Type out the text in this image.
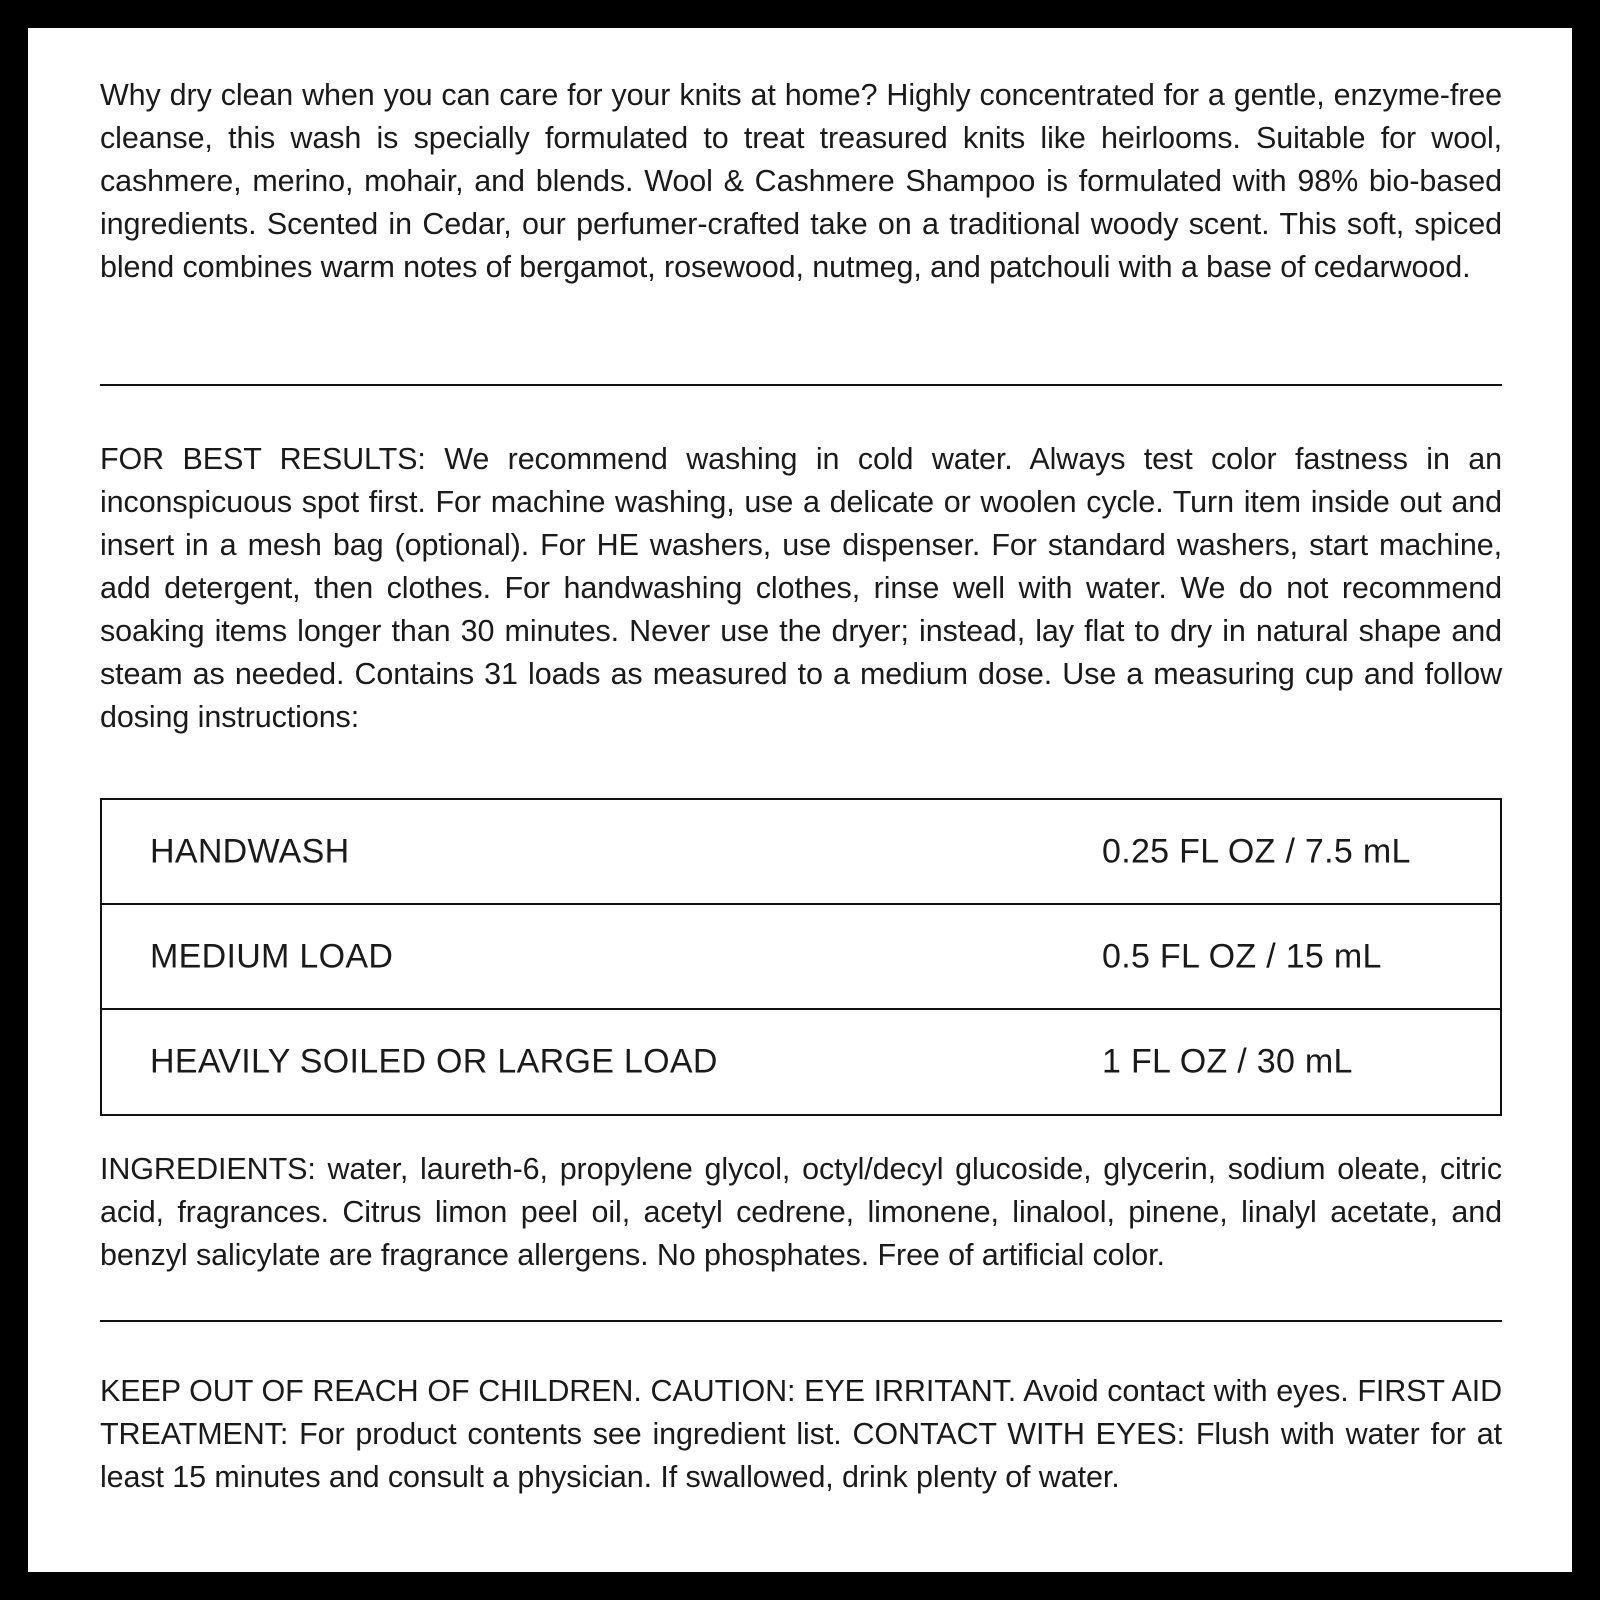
Why dry clean when you can care for your knits at home? Highly concentrated for a gentle, enzyme-free cleanse, this wash is specially formulated to treat treasured knits like heirlooms. Suitable for wool, cashmere, merino, mohair, and blends. Wool & Cashmere Shampoo is formulated with 98% bio-based ingredients. Scented in Cedar, our perfumer-crafted take on a traditional woody scent. This soft, spiced blend combines warm notes of bergamot, rosewood, nutmeg, and patchouli with a base of cedarwood.

FOR BEST RESULTS: We recommend washing in cold water. Always test color fastness in an inconspicuous spot first. For machine washing, use a delicate or woolen cycle. Turn item inside out and insert in a mesh bag (optional). For HE washers, use dispenser. For standard washers, start machine, add detergent, then clothes. For handwashing clothes, rinse well with water. We do not recommend soaking items longer than 30 minutes. Never use the dryer; instead, lay flat to dry in natural shape and steam as needed. Contains 31 loads as measured to a medium dose. Use a measuring cup and follow dosing instructions:

HANDWASH	0.25 FL OZ / 7.5 mL
MEDIUM LOAD	0.5 FL OZ / 15 mL
HEAVILY SOILED OR LARGE LOAD	1 FL OZ / 30 mL

INGREDIENTS: water, laureth-6, propylene glycol, octyl/decyl glucoside, glycerin, sodium oleate, citric acid, fragrances. Citrus limon peel oil, acetyl cedrene, limonene, linalool, pinene, linalyl acetate, and benzyl salicylate are fragrance allergens. No phosphates. Free of artificial color.

KEEP OUT OF REACH OF CHILDREN. CAUTION: EYE IRRITANT. Avoid contact with eyes. FIRST AID TREATMENT: For product contents see ingredient list. CONTACT WITH EYES: Flush with water for at least 15 minutes and consult a physician. If swallowed, drink plenty of water.
